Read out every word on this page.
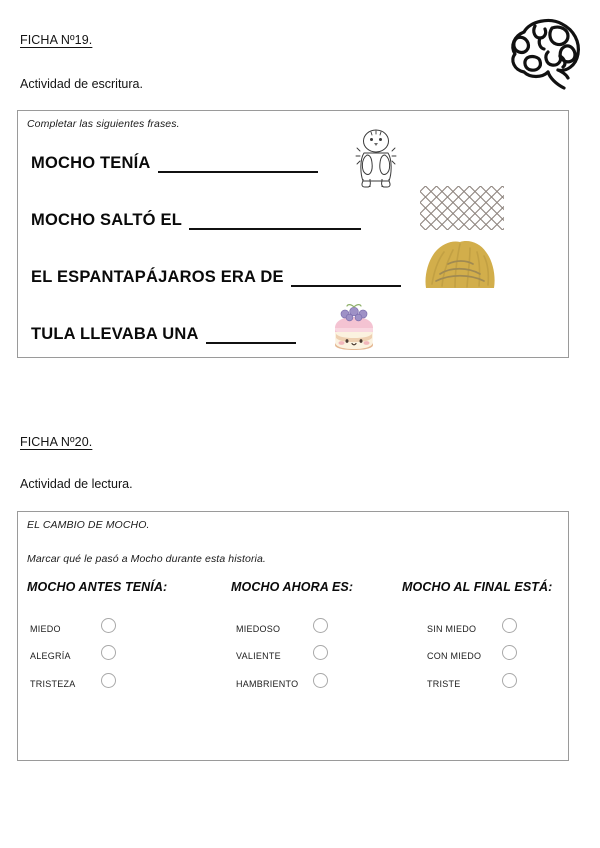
FICHA Nº19.
Actividad de escritura.
Completar las siguientes frases.
MOCHO TENÍA
MOCHO SALTÓ EL
EL ESPANTAPÁJAROS ERA DE
TULA LLEVABA UNA
FICHA Nº20.
Actividad de lectura.
EL CAMBIO DE MOCHO.
Marcar qué le pasó a Mocho durante esta historia.
MOCHO ANTES TENÍA:
MIEDO
ALEGRÍA
TRISTEZA
MOCHO AHORA ES:
MIEDOSO
VALIENTE
HAMBRIENTO
MOCHO AL FINAL ESTÁ:
SIN MIEDO
CON MIEDO
TRISTE
